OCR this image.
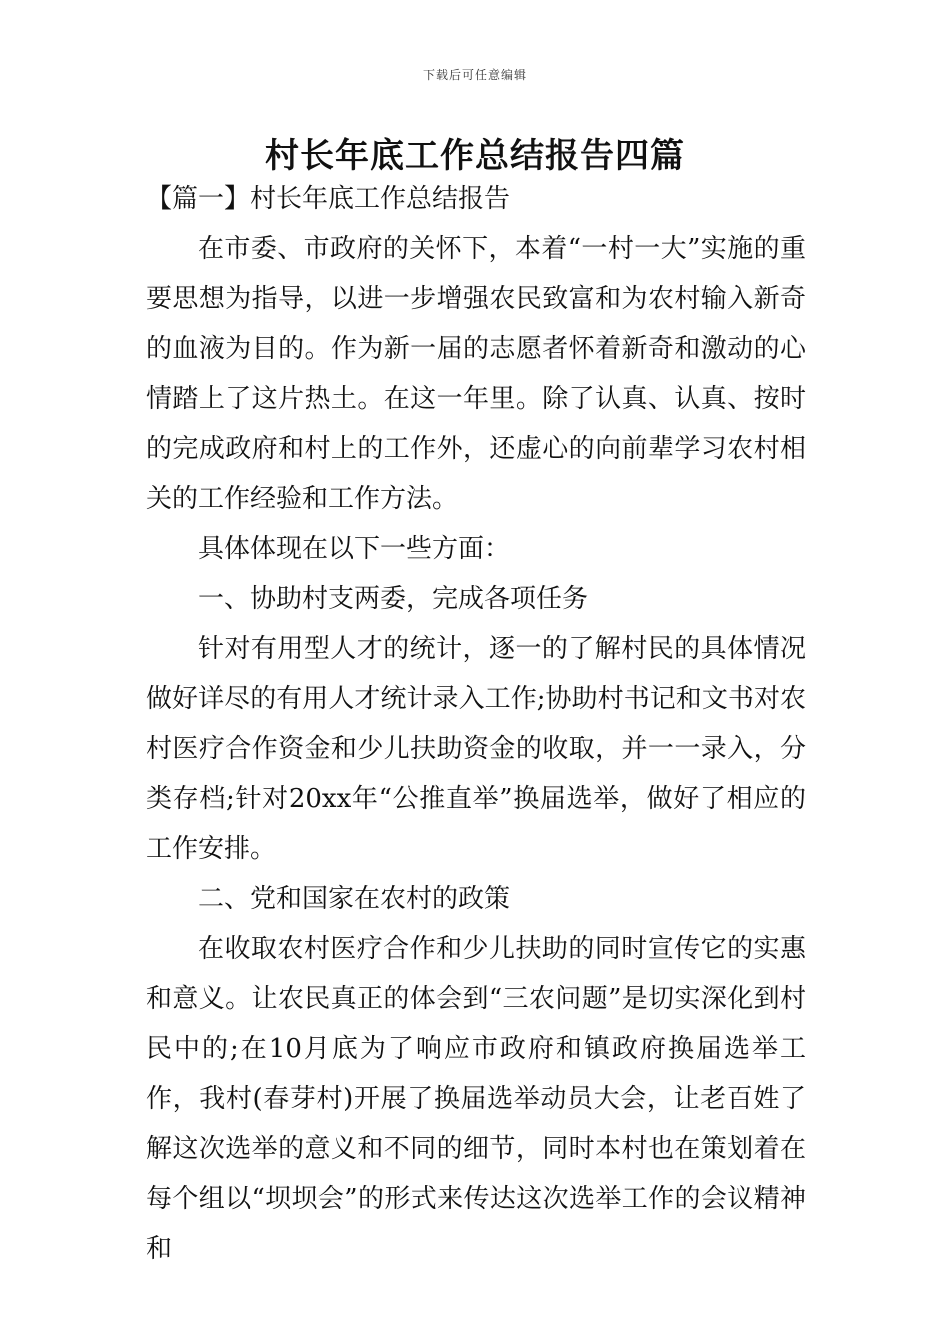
下载后可任意编辑
村长年底工作总结报告四篇
【篇一】村长年底工作总结报告

在市委、市政府的关怀下，本着“一村一大”实施的重要思想为指导，以进一步增强农民致富和为农村输入新奇的血液为目的。作为新一届的志愿者怀着新奇和激动的心情踏上了这片热土。在这一年里。除了认真、认真、按时的完成政府和村上的工作外，还虚心的向前辈学习农村相关的工作经验和工作方法。

具体体现在以下一些方面：

一、协助村支两委，完成各项任务

针对有用型人才的统计，逐一的了解村民的具体情况做好详尽的有用人才统计录入工作;协助村书记和文书对农村医疗合作资金和少儿扶助资金的收取，并一一录入，分类存档;针对20xx年“公推直举”换届选举，做好了相应的工作安排。

二、党和国家在农村的政策

在收取农村医疗合作和少儿扶助的同时宣传它的实惠和意义。让农民真正的体会到“三农问题”是切实深化到村民中的;在10月底为了响应市政府和镇政府换届选举工作，我村(春芽村)开展了换届选举动员大会，让老百姓了解这次选举的意义和不同的细节，同时本村也在策划着在每个组以“坝坝会”的形式来传达这次选举工作的会议精神和
